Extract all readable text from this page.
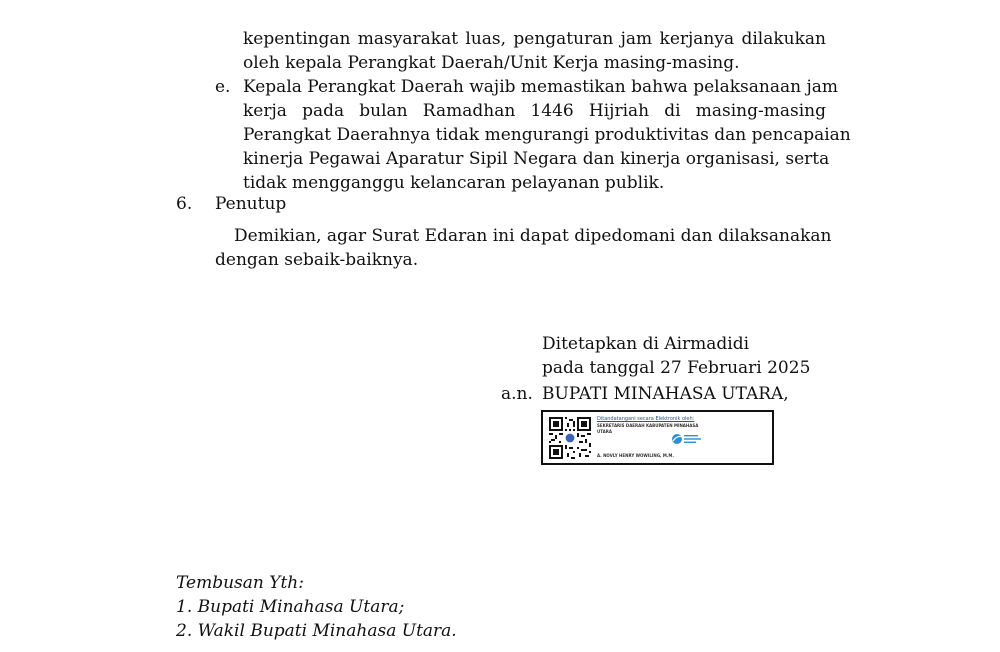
kepentingan masyarakat luas, pengaturan jam kerjanya dilakukan
oleh kepala Perangkat Daerah/Unit Kerja masing-masing.
e. Kepala Perangkat Daerah wajib memastikan bahwa pelaksanaan jam
kerja pada bulan Ramadhan 1446 Hijriah di masing-masing
Perangkat Daerahnya tidak mengurangi produktivitas dan pencapaian
kinerja Pegawai Aparatur Sipil Negara dan kinerja organisasi, serta
tidak mengganggu kelancaran pelayanan publik.
6. Penutup
Demikian, agar Surat Edaran ini dapat dipedomani dan dilaksanakan
dengan sebaik-baiknya.
Ditetapkan di Airmadidi
pada tanggal 27 Februari 2025
a.n. BUPATI MINAHASA UTARA,
Ditandatangani secara Elektronik oleh:
SEKRETARIS DAERAH KABUPATEN MINAHASA
UTARA
A. NOVLY HENRY WOWILING, M.M.
Tembusan Yth:
1. Bupati Minahasa Utara;
2. Wakil Bupati Minahasa Utara.
